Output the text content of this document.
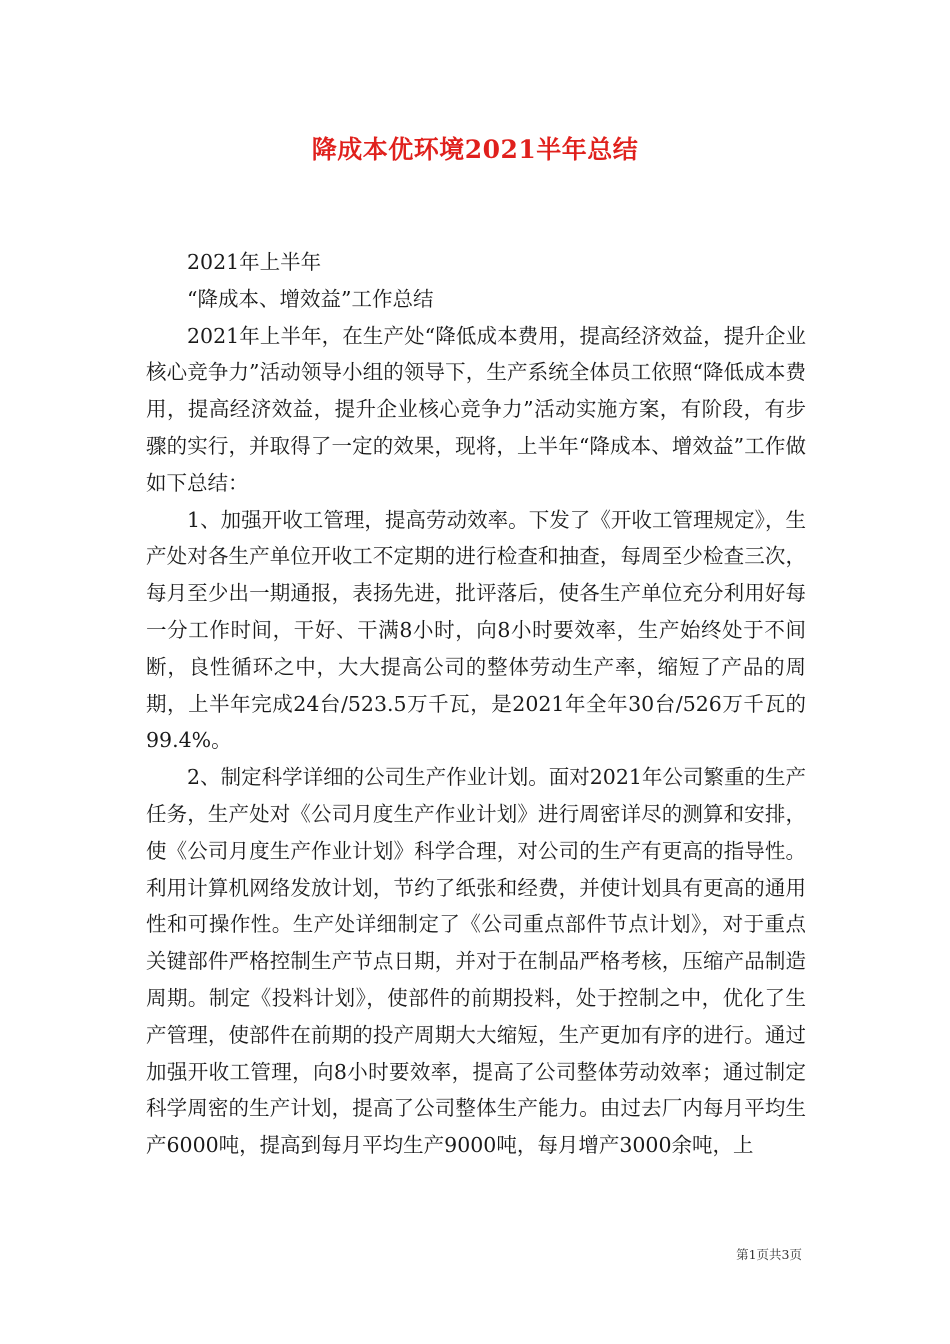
降成本优环境2021半年总结

2021年上半年

“降成本、增效益”工作总结

2021年上半年，在生产处“降低成本费用，提高经济效益，提升企业核心竞争力”活动领导小组的领导下，生产系统全体员工依照“降低成本费用，提高经济效益，提升企业核心竞争力”活动实施方案，有阶段，有步骤的实行，并取得了一定的效果，现将，上半年“降成本、增效益”工作做如下总结：

1、加强开收工管理，提高劳动效率。下发了《开收工管理规定》，生产处对各生产单位开收工不定期的进行检查和抽查，每周至少检查三次，每月至少出一期通报，表扬先进，批评落后，使各生产单位充分利用好每一分工作时间，干好、干满8小时，向8小时要效率，生产始终处于不间断，良性循环之中，大大提高公司的整体劳动生产率，缩短了产品的周期，上半年完成24台/523.5万千瓦，是2021年全年30台/526万千瓦的99.4%。

2、制定科学详细的公司生产作业计划。面对2021年公司繁重的生产任务，生产处对《公司月度生产作业计划》进行周密详尽的测算和安排，使《公司月度生产作业计划》科学合理，对公司的生产有更高的指导性。利用计算机网络发放计划，节约了纸张和经费，并使计划具有更高的通用性和可操作性。生产处详细制定了《公司重点部件节点计划》，对于重点关键部件严格控制生产节点日期，并对于在制品严格考核，压缩产品制造周期。制定《投料计划》，使部件的前期投料，处于控制之中，优化了生产管理，使部件在前期的投产周期大大缩短，生产更加有序的进行。通过加强开收工管理，向8小时要效率，提高了公司整体劳动效率；通过制定科学周密的生产计划，提高了公司整体生产能力。由过去厂内每月平均生产6000吨，提高到每月平均生产9000吨，每月增产3000余吨，上

第1页共3页
